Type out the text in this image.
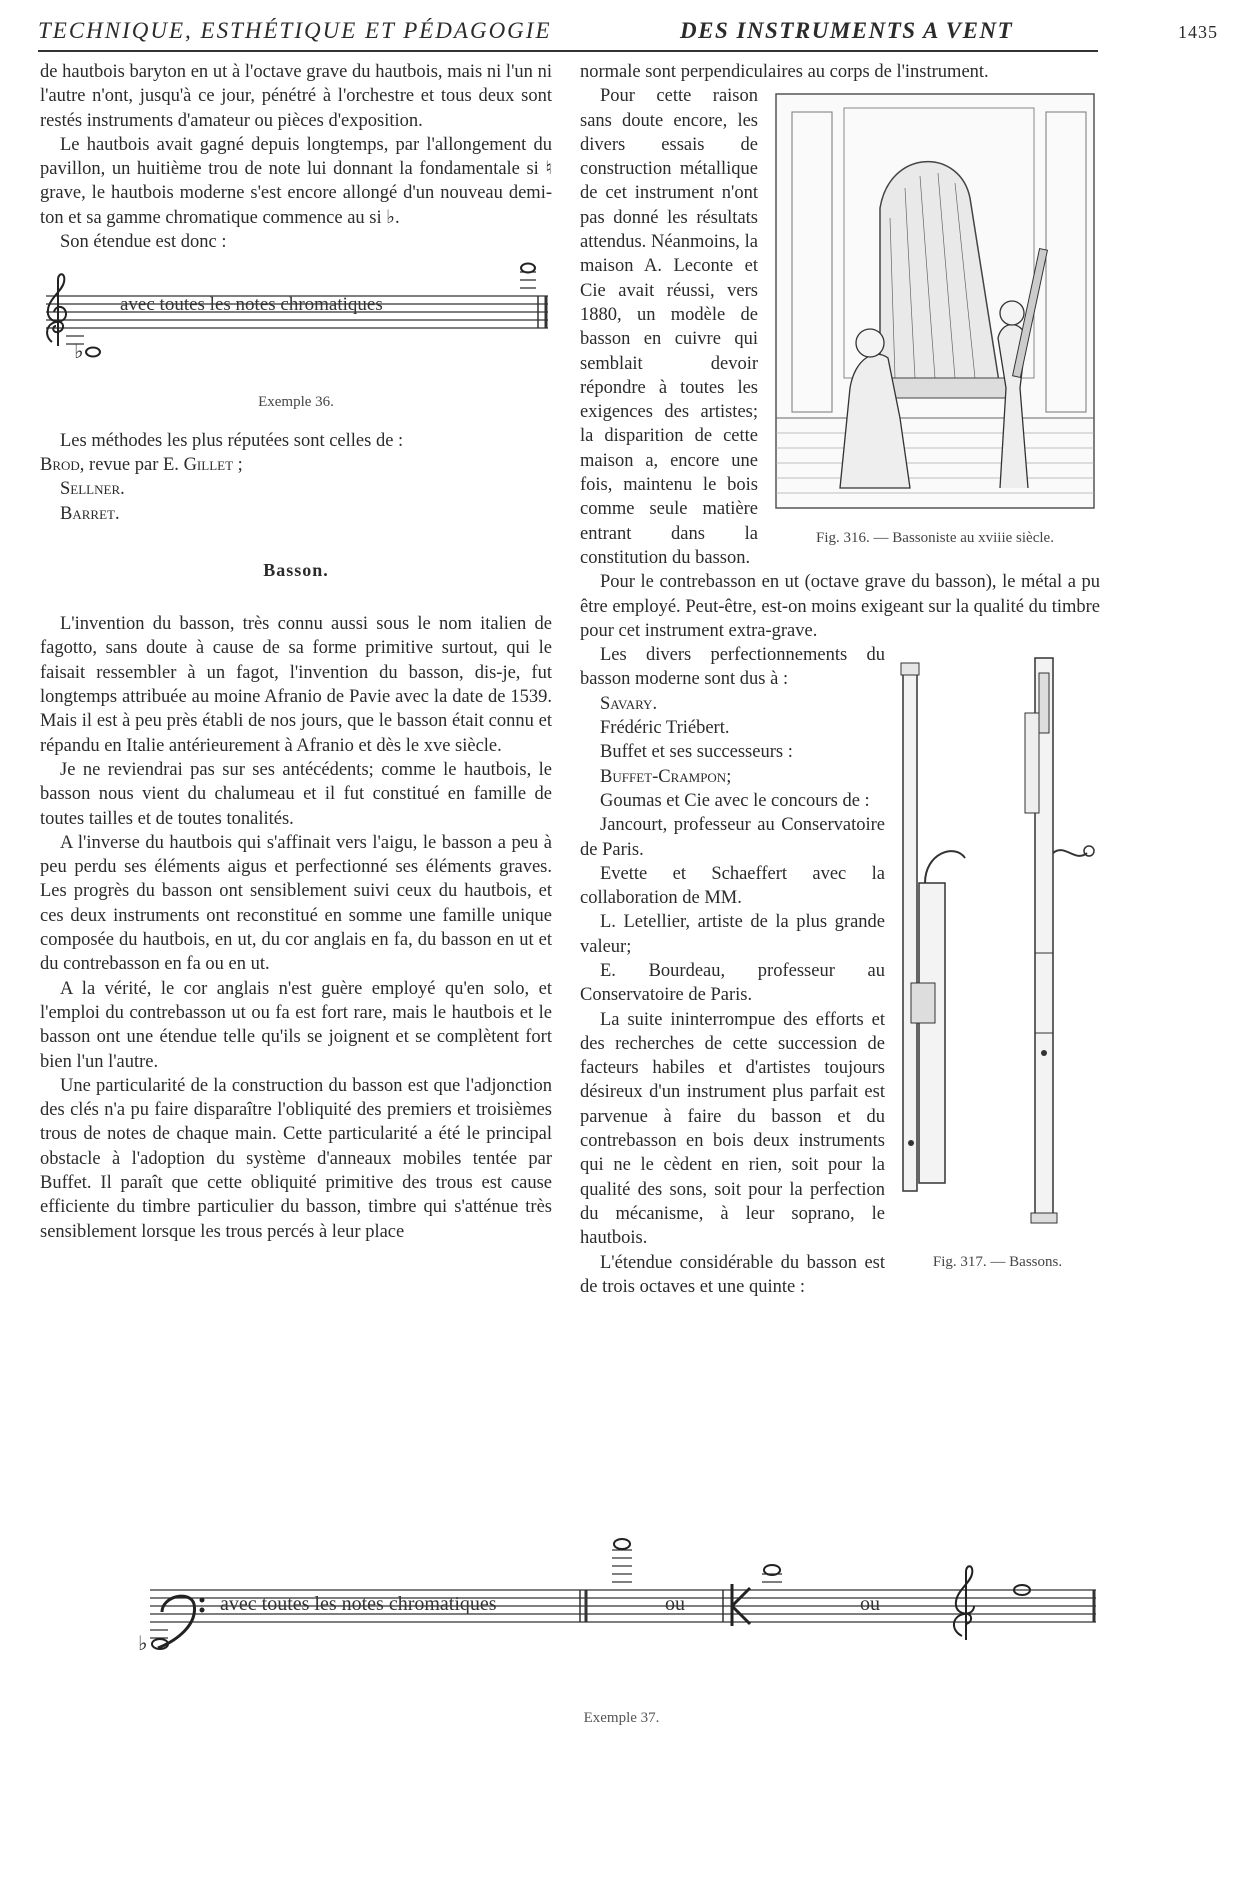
TECHNIQUE, ESTHÉTIQUE ET PÉDAGOGIE	DES INSTRUMENTS A VENT	1435

de hautbois baryton en ut à l'octave grave du hautbois, mais ni l'un ni l'autre n'ont, jusqu'à ce jour, pénétré à l'orchestre et tous deux sont restés instruments d'amateur ou pièces d'exposition.

Le hautbois avait gagné depuis longtemps, par l'allongement du pavillon, un huitième trou de note lui donnant la fondamentale si ♮ grave, le hautbois moderne s'est encore allongé d'un nouveau demi-ton et sa gamme chromatique commence au si ♭.

Son étendue est donc :

♭
avec toutes les notes chromatiques
Exemple 36.

Les méthodes les plus réputées sont celles de :

Brod, revue par E. Gillet ;

Sellner.

Barret.

Basson.

L'invention du basson, très connu aussi sous le nom italien de fagotto, sans doute à cause de sa forme primitive surtout, qui le faisait ressembler à un fagot, l'invention du basson, dis-je, fut longtemps attribuée au moine Afranio de Pavie avec la date de 1539. Mais il est à peu près établi de nos jours, que le basson était connu et répandu en Italie antérieurement à Afranio et dès le xve siècle.

Je ne reviendrai pas sur ses antécédents; comme le hautbois, le basson nous vient du chalumeau et il fut constitué en famille de toutes tailles et de toutes tonalités.

A l'inverse du hautbois qui s'affinait vers l'aigu, le basson a peu à peu perdu ses éléments aigus et perfectionné ses éléments graves. Les progrès du basson ont sensiblement suivi ceux du hautbois, et ces deux instruments ont reconstitué en somme une famille unique composée du hautbois, en ut, du cor anglais en fa, du basson en ut et du contrebasson en fa ou en ut.

A la vérité, le cor anglais n'est guère employé qu'en solo, et l'emploi du contrebasson ut ou fa est fort rare, mais le hautbois et le basson ont une étendue telle qu'ils se joignent et se complètent fort bien l'un l'autre.

Une particularité de la construction du basson est que l'adjonction des clés n'a pu faire disparaître l'obliquité des premiers et troisièmes trous de notes de chaque main. Cette particularité a été le principal obstacle à l'adoption du système d'anneaux mobiles tentée par Buffet. Il paraît que cette obliquité primitive des trous est cause efficiente du timbre particulier du basson, timbre qui s'atténue très sensiblement lorsque les trous percés à leur place

normale sont perpendiculaires au corps de l'instrument.

Fig. 316. — Bassoniste au xviiie siècle.

Pour cette raison sans doute encore, les divers essais de construction métallique de cet instrument n'ont pas donné les résultats attendus. Néanmoins, la maison A. Leconte et Cie avait réussi, vers 1880, un modèle de basson en cuivre qui semblait devoir répondre à toutes les exigences des artistes; la disparition de cette maison a, encore une fois, maintenu le bois comme seule matière entrant dans la constitution du basson.

Pour le contrebasson en ut (octave grave du basson), le métal a pu être employé. Peut-être, est-on moins exigeant sur la qualité du timbre pour cet instrument extra-grave.

Fig. 317. — Bassons.

Les divers perfectionnements du basson moderne sont dus à :

Savary.

Frédéric Triébert.

Buffet et ses successeurs :

Buffet-Crampon;

Goumas et Cie avec le concours de :

Jancourt, professeur au Conservatoire de Paris.

Evette et Schaeffert avec la collaboration de MM.

L. Letellier, artiste de la plus grande valeur;

E. Bourdeau, professeur au Conservatoire de Paris.

La suite ininterrompue des efforts et des recherches de cette succession de facteurs habiles et d'artistes toujours désireux d'un instrument plus parfait est parvenue à faire du basson et du contrebasson en bois deux instruments qui ne le cèdent en rien, soit pour la qualité des sons, soit pour la perfection du mécanisme, à leur soprano, le hautbois.

L'étendue considérable du basson est de trois octaves et une quinte :

♭
avec toutes les notes chromatiques	ou	ou
Exemple 37.
